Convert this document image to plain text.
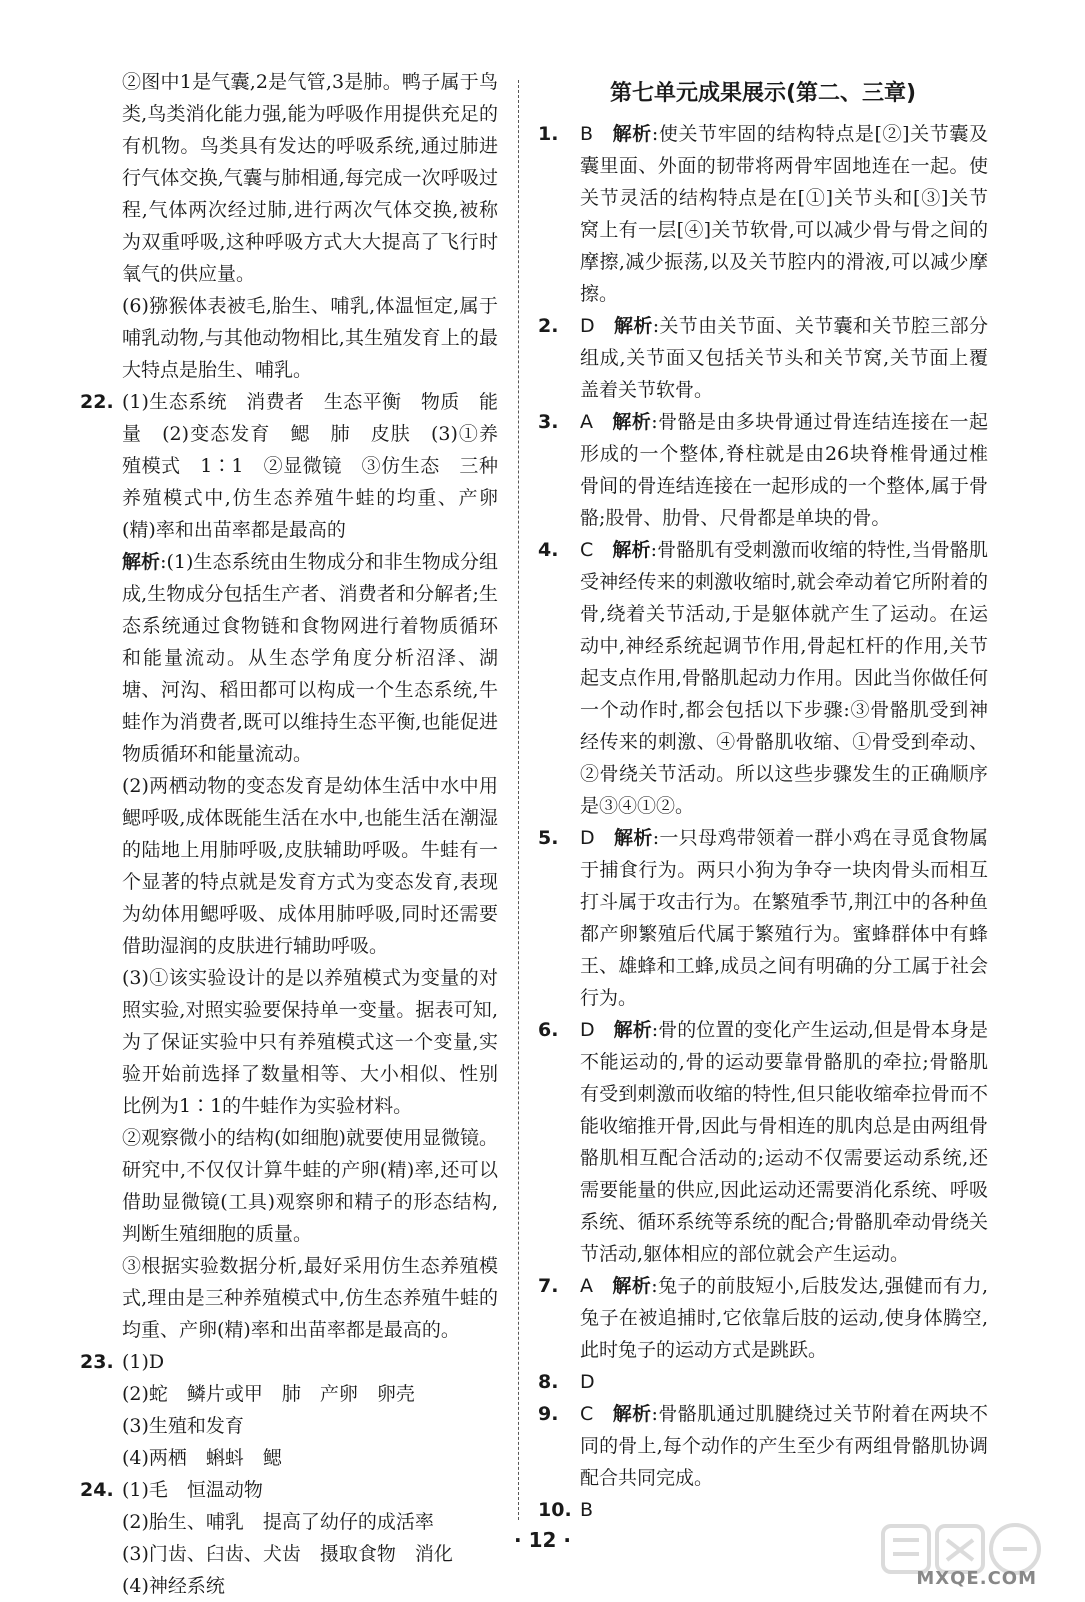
②图中1是气囊,2是气管,3是肺。鸭子属于鸟类,鸟类消化能力强,能为呼吸作用提供充足的有机物。鸟类具有发达的呼吸系统,通过肺进行气体交换,气囊与肺相通,每完成一次呼吸过程,气体两次经过肺,进行两次气体交换,被称为双重呼吸,这种呼吸方式大大提高了飞行时氧气的供应量。

(6)猕猴体表被毛,胎生、哺乳,体温恒定,属于哺乳动物,与其他动物相比,其生殖发育上的最大特点是胎生、哺乳。

22. (1)生态系统　消费者　生态平衡　物质　能量　(2)变态发育　鳃　肺　皮肤　(3)①养殖模式　1∶1　②显微镜　③仿生态　三种养殖模式中,仿生态养殖牛蛙的均重、产卵(精)率和出苗率都是最高的

解析:(1)生态系统由生物成分和非生物成分组成,生物成分包括生产者、消费者和分解者;生态系统通过食物链和食物网进行着物质循环和能量流动。从生态学角度分析沼泽、湖塘、河沟、稻田都可以构成一个生态系统,牛蛙作为消费者,既可以维持生态平衡,也能促进物质循环和能量流动。

(2)两栖动物的变态发育是幼体生活中水中用鳃呼吸,成体既能生活在水中,也能生活在潮湿的陆地上用肺呼吸,皮肤辅助呼吸。牛蛙有一个显著的特点就是发育方式为变态发育,表现为幼体用鳃呼吸、成体用肺呼吸,同时还需要借助湿润的皮肤进行辅助呼吸。

(3)①该实验设计的是以养殖模式为变量的对照实验,对照实验要保持单一变量。据表可知,为了保证实验中只有养殖模式这一个变量,实验开始前选择了数量相等、大小相似、性别比例为1∶1的牛蛙作为实验材料。

②观察微小的结构(如细胞)就要使用显微镜。研究中,不仅仅计算牛蛙的产卵(精)率,还可以借助显微镜(工具)观察卵和精子的形态结构,判断生殖细胞的质量。

③根据实验数据分析,最好采用仿生态养殖模式,理由是三种养殖模式中,仿生态养殖牛蛙的均重、产卵(精)率和出苗率都是最高的。

23. (1)D

(2)蛇　鳞片或甲　肺　产卵　卵壳

(3)生殖和发育

(4)两栖　蝌蚪　鳃

24. (1)毛　恒温动物

(2)胎生、哺乳　提高了幼仔的成活率

(3)门齿、臼齿、犬齿　摄取食物　消化

(4)神经系统

第七单元成果展示(第二、三章)
1. B  解析:使关节牢固的结构特点是[②]关节囊及囊里面、外面的韧带将两骨牢固地连在一起。使关节灵活的结构特点是在[①]关节头和[③]关节窝上有一层[④]关节软骨,可以减少骨与骨之间的摩擦,减少振荡,以及关节腔内的滑液,可以减少摩擦。

2. D  解析:关节由关节面、关节囊和关节腔三部分组成,关节面又包括关节头和关节窝,关节面上覆盖着关节软骨。

3. A  解析:骨骼是由多块骨通过骨连结连接在一起形成的一个整体,脊柱就是由26块脊椎骨通过椎骨间的骨连结连接在一起形成的一个整体,属于骨骼;股骨、肋骨、尺骨都是单块的骨。

4. C  解析:骨骼肌有受刺激而收缩的特性,当骨骼肌受神经传来的刺激收缩时,就会牵动着它所附着的骨,绕着关节活动,于是躯体就产生了运动。在运动中,神经系统起调节作用,骨起杠杆的作用,关节起支点作用,骨骼肌起动力作用。因此当你做任何一个动作时,都会包括以下步骤:③骨骼肌受到神经传来的刺激、④骨骼肌收缩、①骨受到牵动、②骨绕关节活动。所以这些步骤发生的正确顺序是③④①②。

5. D  解析:一只母鸡带领着一群小鸡在寻觅食物属于捕食行为。两只小狗为争夺一块肉骨头而相互打斗属于攻击行为。在繁殖季节,荆江中的各种鱼都产卵繁殖后代属于繁殖行为。蜜蜂群体中有蜂王、雄蜂和工蜂,成员之间有明确的分工属于社会行为。

6. D  解析:骨的位置的变化产生运动,但是骨本身是不能运动的,骨的运动要靠骨骼肌的牵拉;骨骼肌有受到刺激而收缩的特性,但只能收缩牵拉骨而不能收缩推开骨,因此与骨相连的肌肉总是由两组骨骼肌相互配合活动的;运动不仅需要运动系统,还需要能量的供应,因此运动还需要消化系统、呼吸系统、循环系统等系统的配合;骨骼肌牵动骨绕关节活动,躯体相应的部位就会产生运动。

7. A  解析:兔子的前肢短小,后肢发达,强健而有力,兔子在被追捕时,它依靠后肢的运动,使身体腾空,此时兔子的运动方式是跳跃。

8. D

9. C  解析:骨骼肌通过肌腱绕过关节附着在两块不同的骨上,每个动作的产生至少有两组骨骼肌协调配合共同完成。

10. B

· 12 ·
MXQE.COM
